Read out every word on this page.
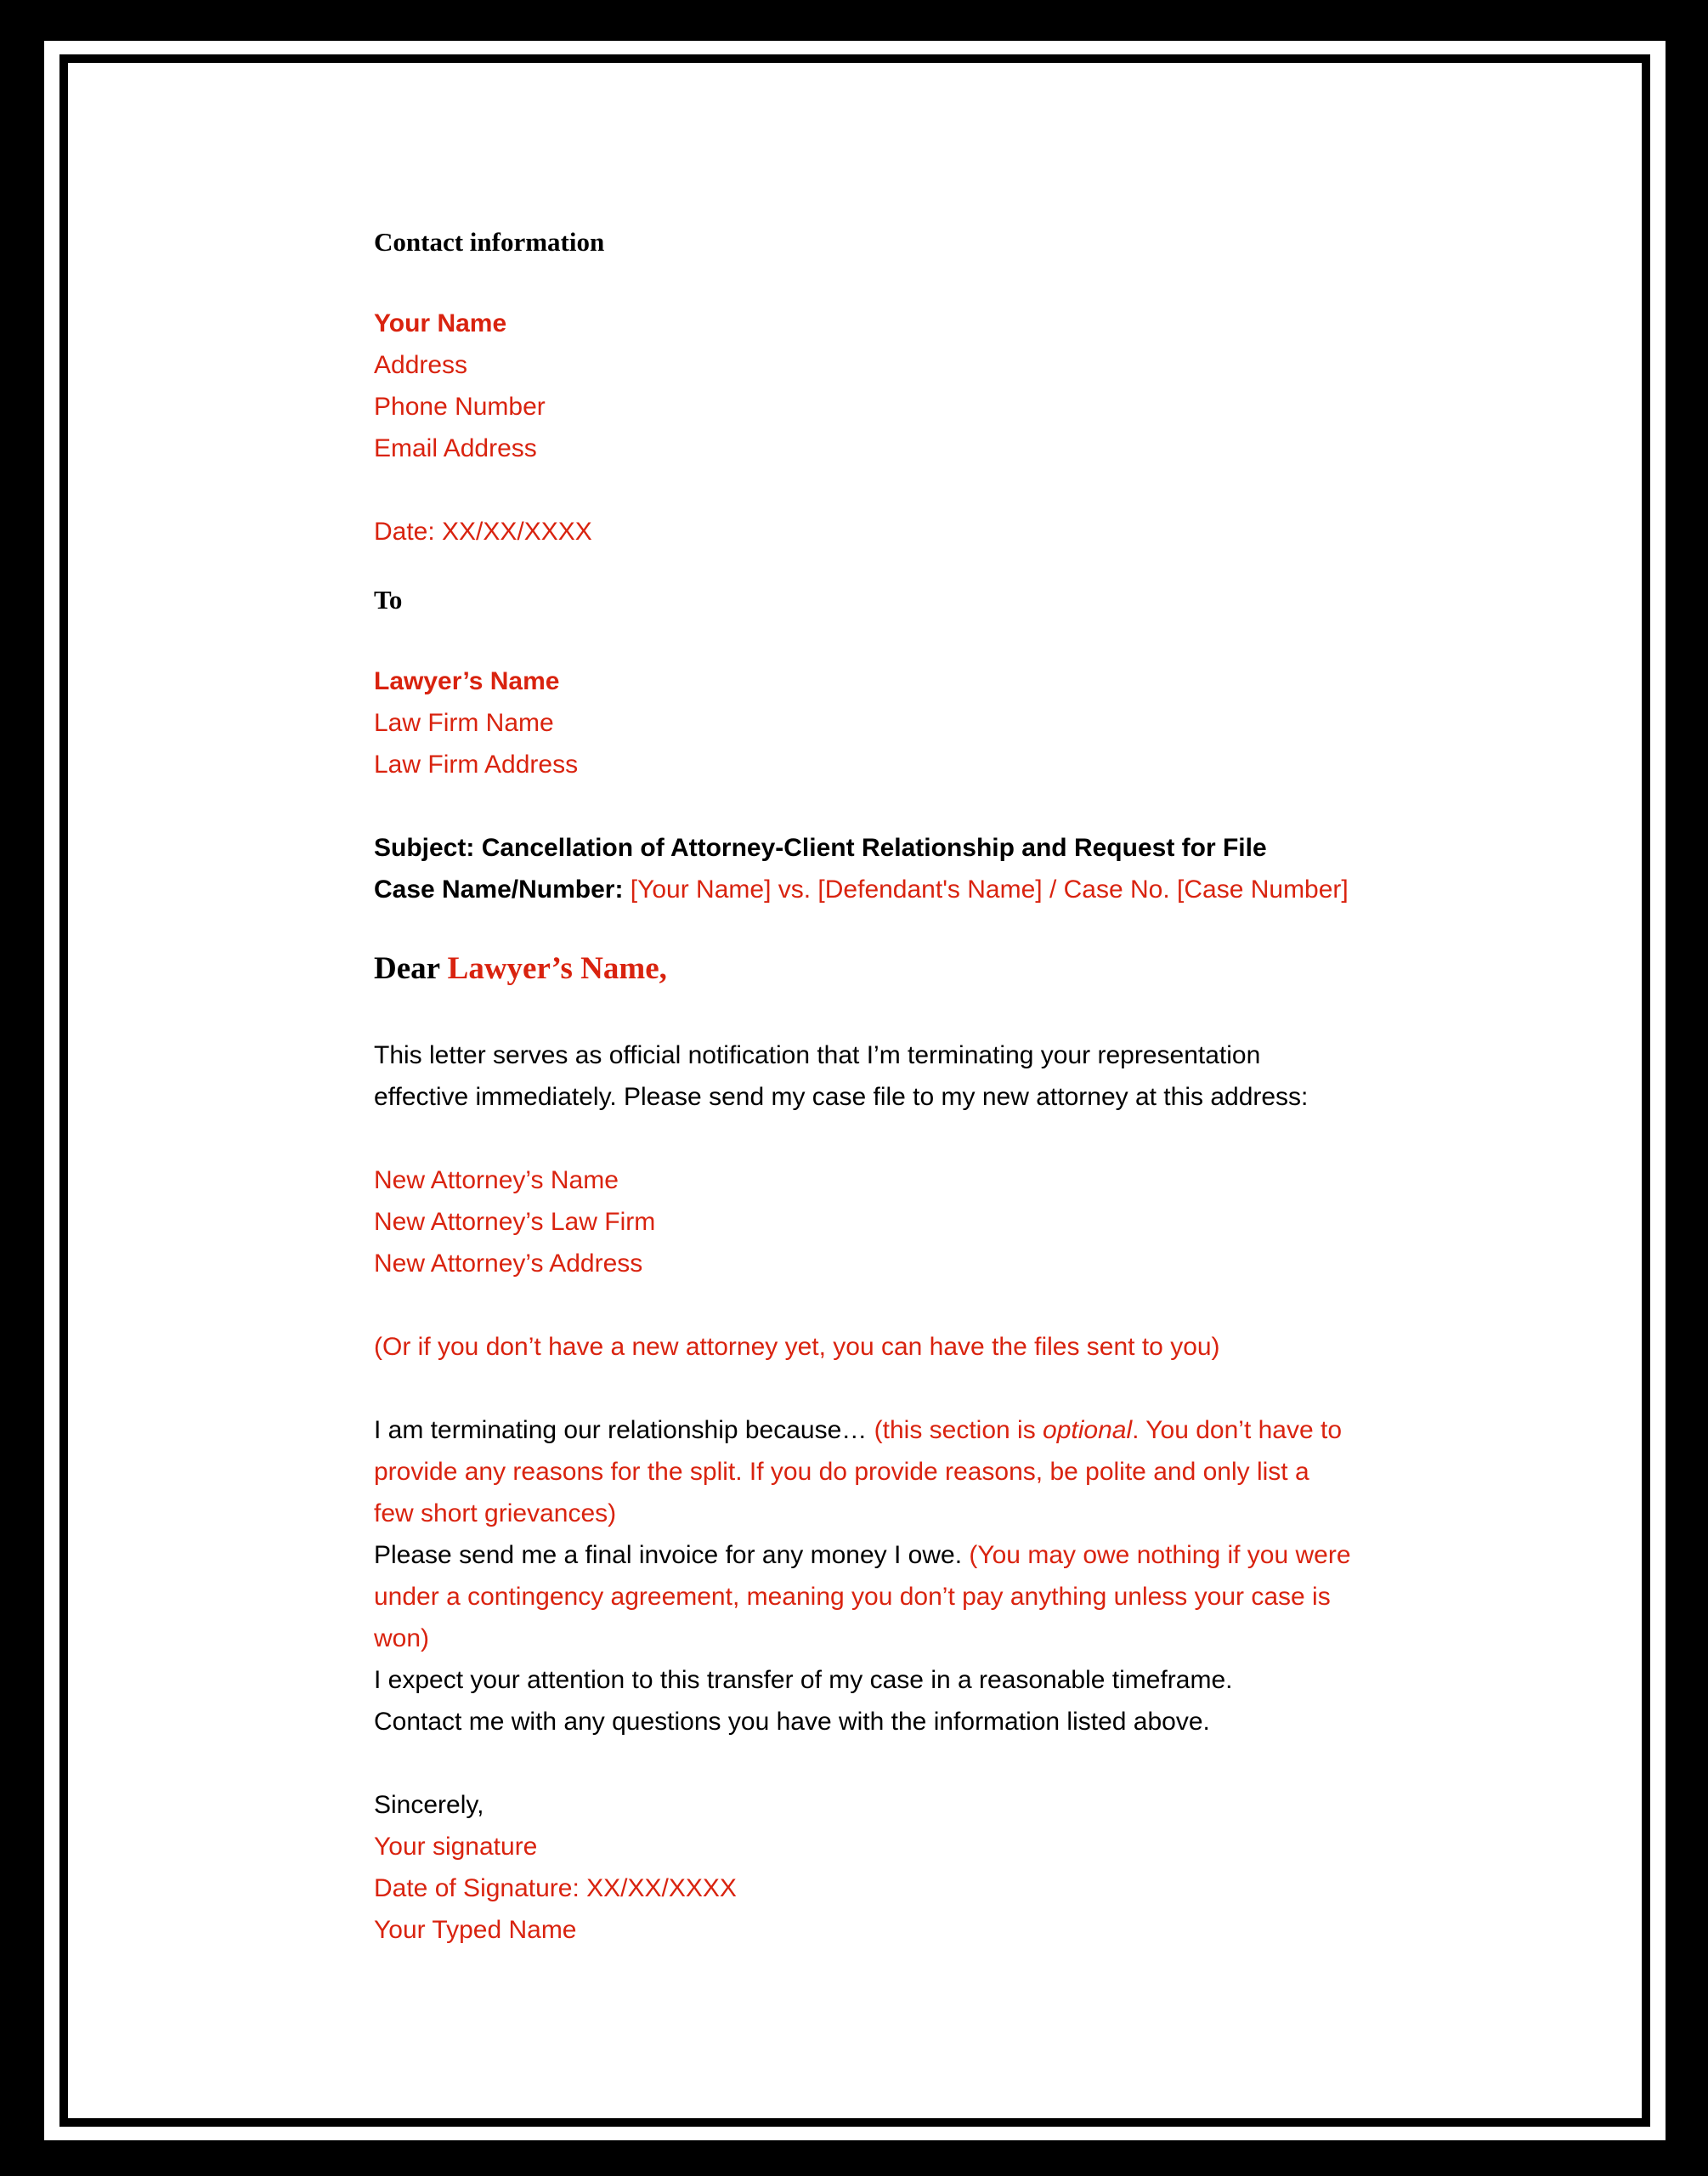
Contact information
Your Name
Address
Phone Number
Email Address
Date: XX/XX/XXXX
To
Lawyer’s Name
Law Firm Name
Law Firm Address
Subject: Cancellation of Attorney-Client Relationship and Request for File
Case Name/Number: [Your Name] vs. [Defendant's Name] / Case No. [Case Number]
Dear Lawyer’s Name,
This letter serves as official notification that I’m terminating your representation
effective immediately. Please send my case file to my new attorney at this address:
New Attorney’s Name
New Attorney’s Law Firm
New Attorney’s Address
(Or if you don’t have a new attorney yet, you can have the files sent to you)
I am terminating our relationship because… (this section is optional. You don’t have to
provide any reasons for the split. If you do provide reasons, be polite and only list a
few short grievances)
Please send me a final invoice for any money I owe. (You may owe nothing if you were
under a contingency agreement, meaning you don’t pay anything unless your case is
won)
I expect your attention to this transfer of my case in a reasonable timeframe.
Contact me with any questions you have with the information listed above.
Sincerely,
Your signature
Date of Signature: XX/XX/XXXX
Your Typed Name
